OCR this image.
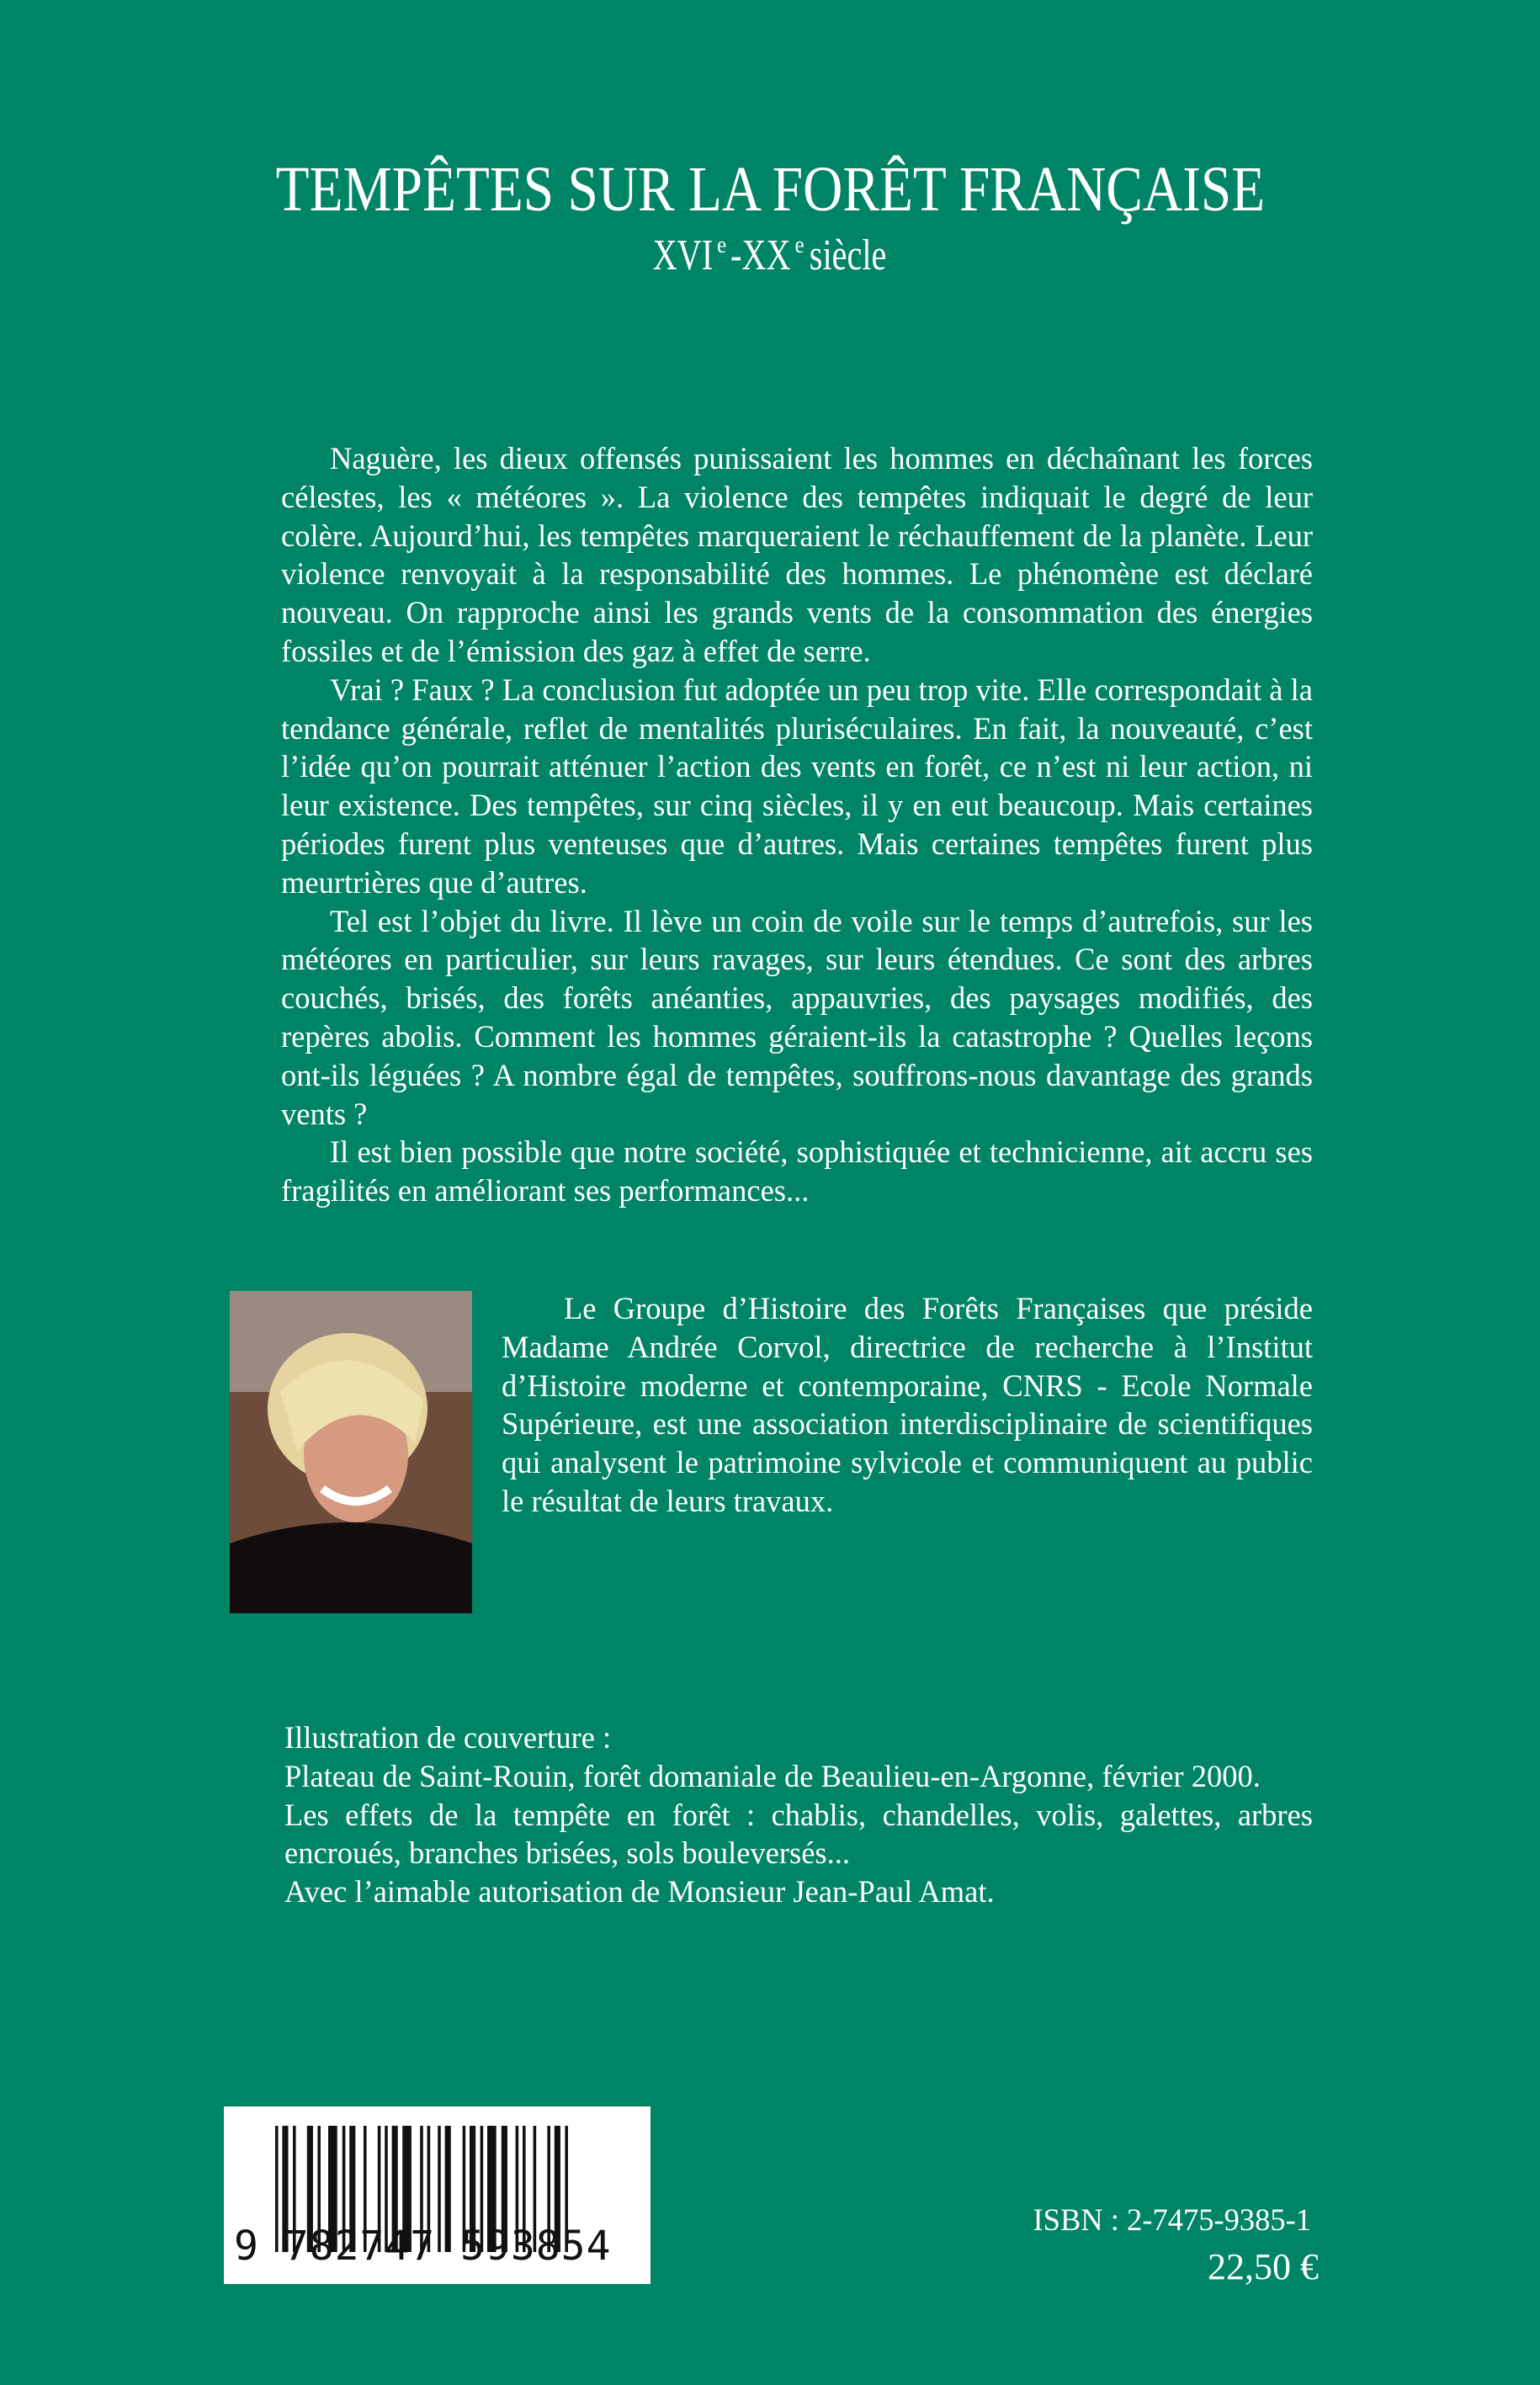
TEMPÊTES SUR LA FORÊT FRANÇAISE
XVI $^e$-XX $^e$siècle

Naguère, les dieux offensés punissaient les hommes en déchaînant les forces célestes, les « météores ». La violence des tempêtes indiquait le degré de leur colère. Aujourd’hui, les tempêtes marqueraient le réchauffement de la planète. Leur violence renvoyait à la responsabilité des hommes. Le phénomène est déclaré nouveau. On rapproche ainsi les grands vents de la consommation des énergies fossiles et de l’émission des gaz à effet de serre.

Vrai ? Faux ? La conclusion fut adoptée un peu trop vite. Elle correspondait à la tendance générale, reflet de mentalités pluriséculaires. En fait, la nouveauté, c’est l’idée qu’on pourrait atténuer l’action des vents en forêt, ce n’est ni leur action, ni leur existence. Des tempêtes, sur cinq siècles, il y en eut beaucoup. Mais certaines périodes furent plus venteuses que d’autres. Mais certaines tempêtes furent plus meurtrières que d’autres.

Tel est l’objet du livre. Il lève un coin de voile sur le temps d’autrefois, sur les météores en particulier, sur leurs ravages, sur leurs étendues. Ce sont des arbres couchés, brisés, des forêts anéanties, appauvries, des paysages modifiés, des repères abolis. Comment les hommes géraient-ils la catastrophe ? Quelles leçons ont-ils léguées ? A nombre égal de tempêtes, souffrons-nous davantage des grands vents ?

Il est bien possible que notre société, sophistiquée et technicienne, ait accru ses fragilités en améliorant ses performances...

Le Groupe d’Histoire des Forêts Françaises que préside Madame Andrée Corvol, directrice de recherche à l’Institut d’Histoire moderne et contemporaine, CNRS - Ecole Normale Supérieure, est une association interdisciplinaire de scientifiques qui analysent le patrimoine sylvicole et communiquent au public le résultat de leurs travaux.
Illustration de couverture :
Plateau de Saint-Rouin, forêt domaniale de Beaulieu-en-Argonne, février 2000.
Les effets de la tempête en forêt : chablis, chandelles, volis, galettes, arbres encroués, branches brisées, sols bouleversés...
Avec l’aimable autorisation de Monsieur Jean-Paul Amat.
9 782747 593854
ISBN : 2-7475-9385-1
22,50 €
